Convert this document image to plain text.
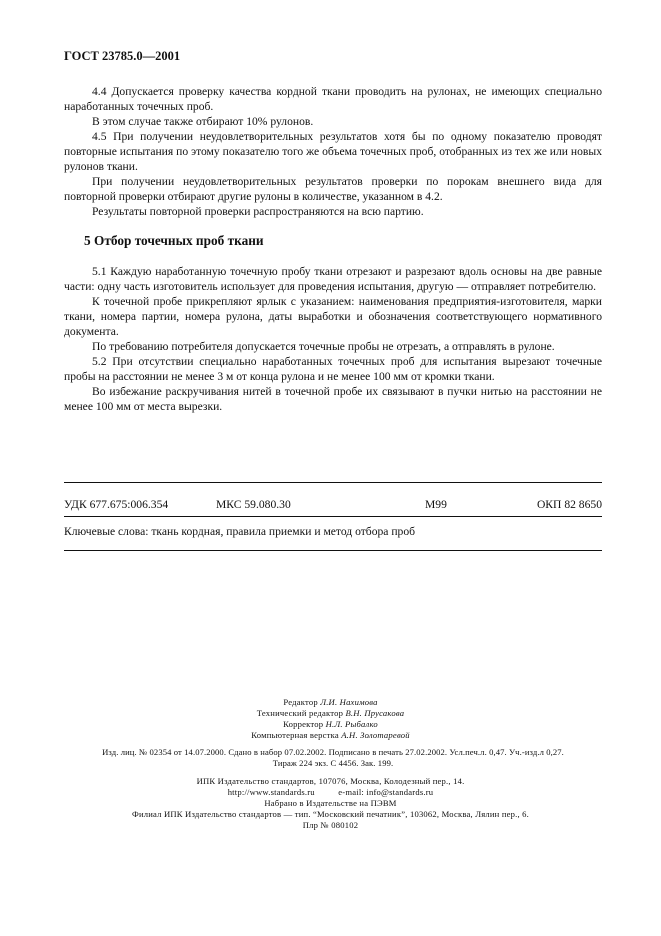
ГОСТ 23785.0—2001

4.4 Допускается проверку качества кордной ткани проводить на рулонах, не имеющих специально наработанных точечных проб.

В этом случае также отбирают 10% рулонов.

4.5 При получении неудовлетворительных результатов хотя бы по одному показателю проводят повторные испытания по этому показателю того же объема точечных проб, отобранных из тех же или новых рулонов ткани.

При получении неудовлетворительных результатов проверки по порокам внешнего вида для повторной проверки отбирают другие рулоны в количестве, указанном в 4.2.

Результаты повторной проверки распространяются на всю партию.

5 Отбор точечных проб ткани

5.1 Каждую наработанную точечную пробу ткани отрезают и разрезают вдоль основы на две равные части: одну часть изготовитель использует для проведения испытания, другую — отправляет потребителю.

К точечной пробе прикрепляют ярлык с указанием: наименования предприятия-изготовителя, марки ткани, номера партии, номера рулона, даты выработки и обозначения соответствующего нормативного документа.

По требованию потребителя допускается точечные пробы не отрезать, а отправлять в рулоне.

5.2 При отсутствии специально наработанных точечных проб для испытания вырезают точечные пробы на расстоянии не менее 3 м от конца рулона и не менее 100 мм от кромки ткани.

Во избежание раскручивания нитей в точечной пробе их связывают в пучки нитью на расстоянии не менее 100 мм от места вырезки.

УДК 677.675:006.354	МКС 59.080.30	М99	ОКП 82 8650
Ключевые слова: ткань кордная, правила приемки и метод отбора проб
Редактор Л.И. Нахимова
Технический редактор В.Н. Прусакова
Корректор Н.Л. Рыбалко
Компьютерная верстка А.Н. Золотаревой
Изд. лиц. № 02354 от 14.07.2000. Сдано в набор 07.02.2002. Подписано в печать 27.02.2002. Усл.печ.л. 0,47. Уч.-изд.л 0,27.
Тираж 224 экз. С 4456. Зак. 199.
ИПК Издательство стандартов, 107076, Москва, Колодезный пер., 14.
http://www.standards.ru	e-mail: info@standards.ru
Набрано в Издательстве на ПЭВМ
Филиал ИПК Издательство стандартов — тип. “Московский печатник”, 103062, Москва, Лялин пер., 6.
Плр № 080102
